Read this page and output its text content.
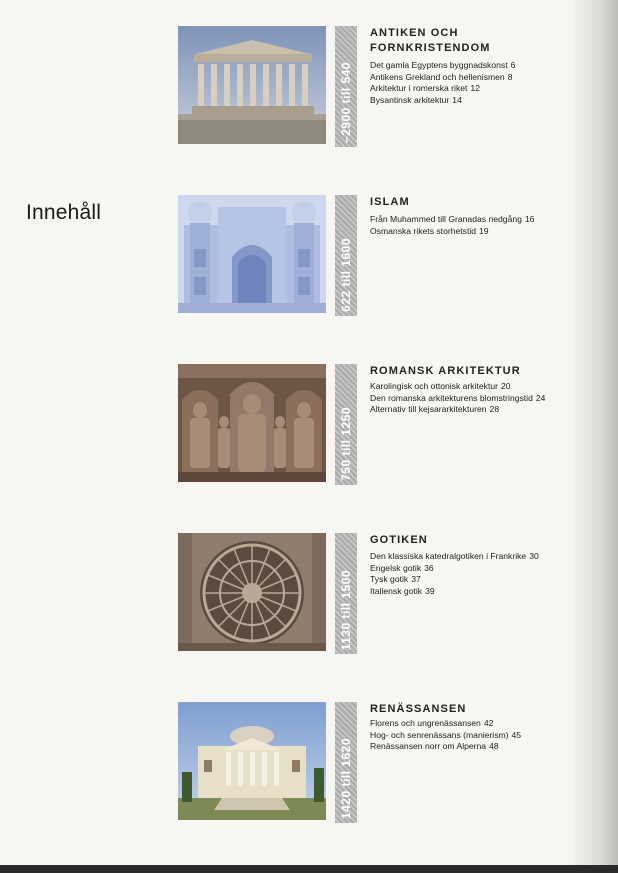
Innehåll
–2900 till 540
ANTIKEN OCH FORNKRISTENDOM
Det gamla Egyptens byggnadskonst 6
Antikens Grekland och hellenismen 8
Arkitektur i romerska riket 12
Bysantinsk arkitektur 14
622 till 1600
ISLAM
Från Muhammed till Granadas nedgång 16
Osmanska rikets storhetstid 19
750 till 1250
ROMANSK ARKITEKTUR
Karolingisk och ottonisk arkitektur 20
Den romanska arkitekturens blomstringstid 24
Alternativ till kejsararkitekturen 28
1130 till 1500
GOTIKEN
Den klassiska katedralgotiken i Frankrike 30
Engelsk gotik 36
Tysk gotik 37
Italiensk gotik 39
1420 till 1620
RENÄSSANSEN
Florens och ungrenässansen 42
Hog- och senrenässans (manierism) 45
Renässansen norr om Alperna 48
